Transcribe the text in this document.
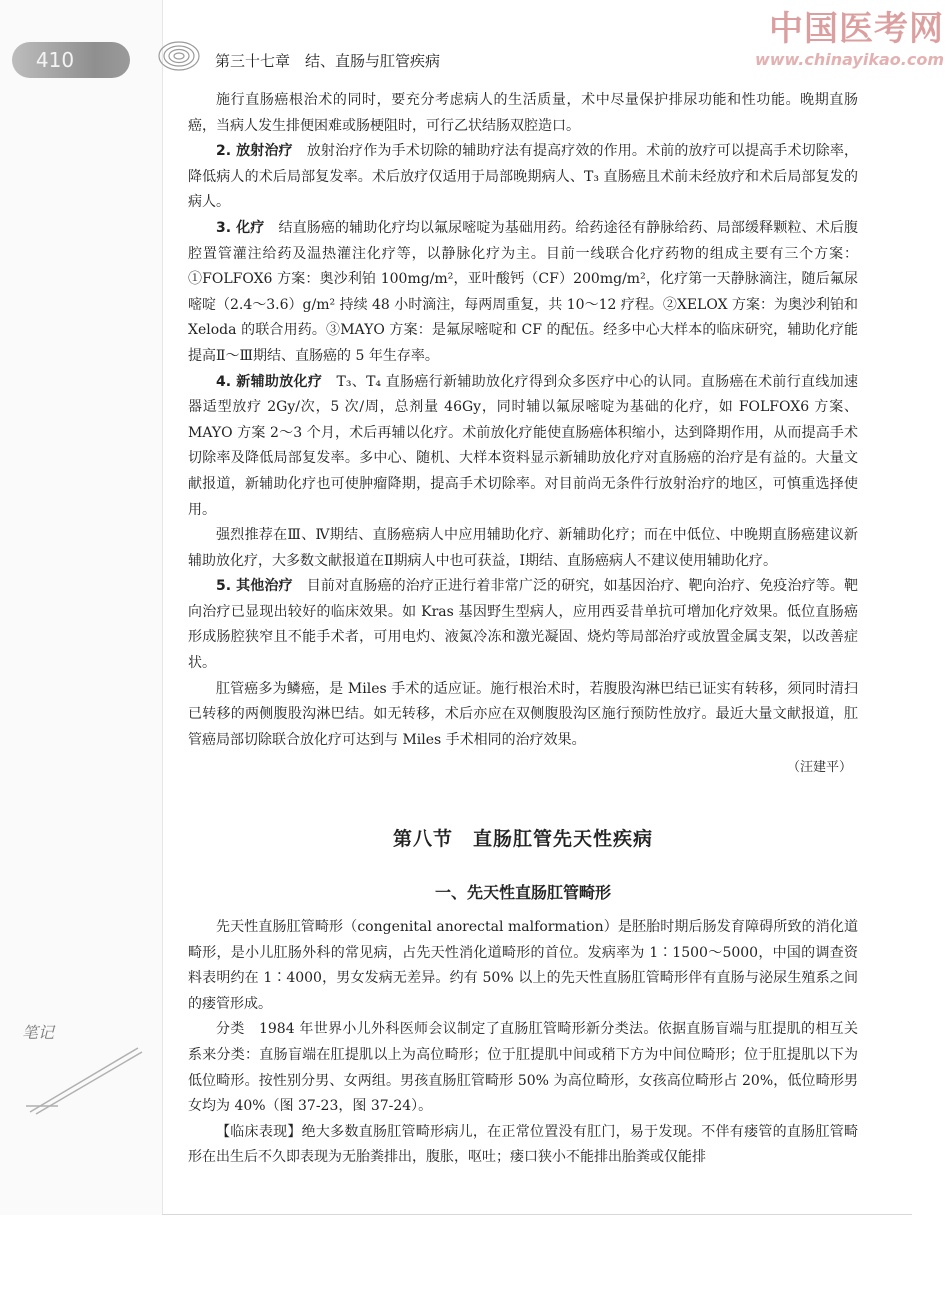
410	第三十七章　结、直肠与肛管疾病
中国医考网
www.chinayikao.com

施行直肠癌根治术的同时，要充分考虑病人的生活质量，术中尽量保护排尿功能和性功能。晚期直肠癌，当病人发生排便困难或肠梗阻时，可行乙状结肠双腔造口。

2. 放射治疗　放射治疗作为手术切除的辅助疗法有提高疗效的作用。术前的放疗可以提高手术切除率，降低病人的术后局部复发率。术后放疗仅适用于局部晚期病人、T₃ 直肠癌且术前未经放疗和术后局部复发的病人。

3. 化疗　结直肠癌的辅助化疗均以氟尿嘧啶为基础用药。给药途径有静脉给药、局部缓释颗粒、术后腹腔置管灌注给药及温热灌注化疗等，以静脉化疗为主。目前一线联合化疗药物的组成主要有三个方案：①FOLFOX6 方案：奥沙利铂 100mg/m²，亚叶酸钙（CF）200mg/m²，化疗第一天静脉滴注，随后氟尿嘧啶（2.4～3.6）g/m² 持续 48 小时滴注，每两周重复，共 10～12 疗程。②XELOX 方案：为奥沙利铂和 Xeloda 的联合用药。③MAYO 方案：是氟尿嘧啶和 CF 的配伍。经多中心大样本的临床研究，辅助化疗能提高Ⅱ～Ⅲ期结、直肠癌的 5 年生存率。

4. 新辅助放化疗　T₃、T₄ 直肠癌行新辅助放化疗得到众多医疗中心的认同。直肠癌在术前行直线加速器适型放疗 2Gy/次，5 次/周，总剂量 46Gy，同时辅以氟尿嘧啶为基础的化疗，如 FOLFOX6 方案、MAYO 方案 2～3 个月，术后再辅以化疗。术前放化疗能使直肠癌体积缩小，达到降期作用，从而提高手术切除率及降低局部复发率。多中心、随机、大样本资料显示新辅助放化疗对直肠癌的治疗是有益的。大量文献报道，新辅助化疗也可使肿瘤降期，提高手术切除率。对目前尚无条件行放射治疗的地区，可慎重选择使用。

强烈推荐在Ⅲ、Ⅳ期结、直肠癌病人中应用辅助化疗、新辅助化疗；而在中低位、中晚期直肠癌建议新辅助放化疗，大多数文献报道在Ⅱ期病人中也可获益，Ⅰ期结、直肠癌病人不建议使用辅助化疗。

5. 其他治疗　目前对直肠癌的治疗正进行着非常广泛的研究，如基因治疗、靶向治疗、免疫治疗等。靶向治疗已显现出较好的临床效果。如 Kras 基因野生型病人，应用西妥昔单抗可增加化疗效果。低位直肠癌形成肠腔狭窄且不能手术者，可用电灼、液氮冷冻和激光凝固、烧灼等局部治疗或放置金属支架，以改善症状。

肛管癌多为鳞癌，是 Miles 手术的适应证。施行根治术时，若腹股沟淋巴结已证实有转移，须同时清扫已转移的两侧腹股沟淋巴结。如无转移，术后亦应在双侧腹股沟区施行预防性放疗。最近大量文献报道，肛管癌局部切除联合放化疗可达到与 Miles 手术相同的治疗效果。

（汪建平）
第八节　直肠肛管先天性疾病
一、先天性直肠肛管畸形

先天性直肠肛管畸形（congenital anorectal malformation）是胚胎时期后肠发育障碍所致的消化道畸形，是小儿肛肠外科的常见病，占先天性消化道畸形的首位。发病率为 1∶1500～5000，中国的调查资料表明约在 1∶4000，男女发病无差异。约有 50% 以上的先天性直肠肛管畸形伴有直肠与泌尿生殖系之间的瘘管形成。

分类　1984 年世界小儿外科医师会议制定了直肠肛管畸形新分类法。依据直肠盲端与肛提肌的相互关系来分类：直肠盲端在肛提肌以上为高位畸形；位于肛提肌中间或稍下方为中间位畸形；位于肛提肌以下为低位畸形。按性别分男、女两组。男孩直肠肛管畸形 50% 为高位畸形，女孩高位畸形占 20%，低位畸形男女均为 40%（图 37-23，图 37-24）。

【临床表现】绝大多数直肠肛管畸形病儿，在正常位置没有肛门，易于发现。不伴有瘘管的直肠肛管畸形在出生后不久即表现为无胎粪排出，腹胀，呕吐；瘘口狭小不能排出胎粪或仅能排

笔记
